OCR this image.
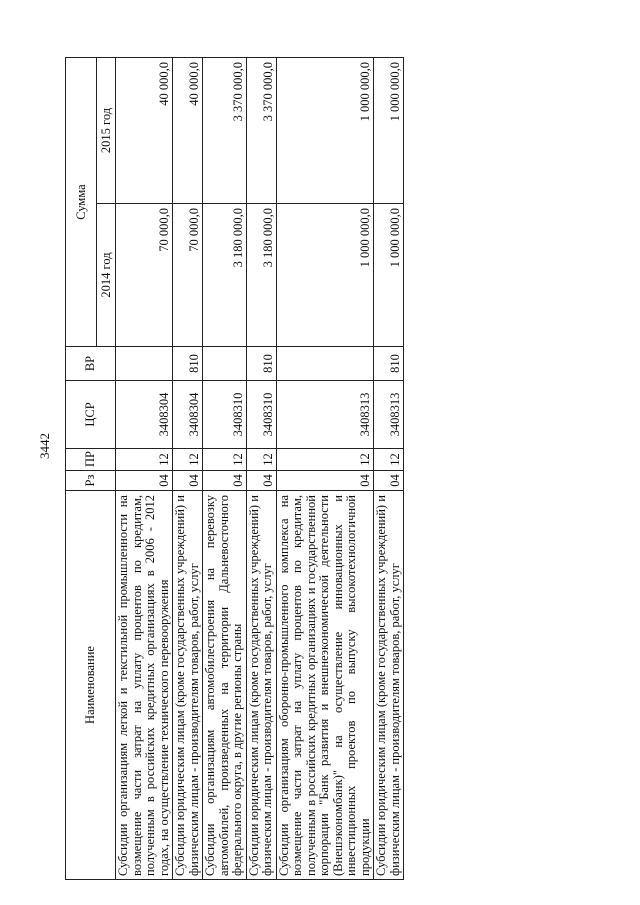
3442
Наименование	Рз	ПР	ЦСР	ВР	Сумма	
					2014 год	2015 год
Субсидии организациям легкой и текстильной промышленности на возмещение части затрат на уплату процентов по кредитам, полученным в российских кредитных организациях в 2006 - 2012 годах, на осуществление технического перевооружения	04	12	3408304		70 000,0	40 000,0
Субсидии юридическим лицам (кроме государственных учреждений) и физическим лицам - производителям товаров, работ, услуг	04	12	3408304	810	70 000,0	40 000,0
Субсидии организациям автомобилестроения на перевозку автомобилей, произведенных на территории Дальневосточного федерального округа, в другие регионы страны	04	12	3408310		3 180 000,0	3 370 000,0
Субсидии юридическим лицам (кроме государственных учреждений) и физическим лицам - производителям товаров, работ, услуг	04	12	3408310	810	3 180 000,0	3 370 000,0
Субсидии организациям оборонно-промышленного комплекса на возмещение части затрат на уплату процентов по кредитам, полученным в российских кредитных организациях и государственной корпорации "Банк развития и внешнеэкономической деятельности (Внешэкономбанк)" на осуществление инновационных и инвестиционных проектов по выпуску высокотехнологичной продукции	04	12	3408313		1 000 000,0	1 000 000,0
Субсидии юридическим лицам (кроме государственных учреждений) и физическим лицам - производителям товаров, работ, услуг	04	12	3408313	810	1 000 000,0	1 000 000,0
